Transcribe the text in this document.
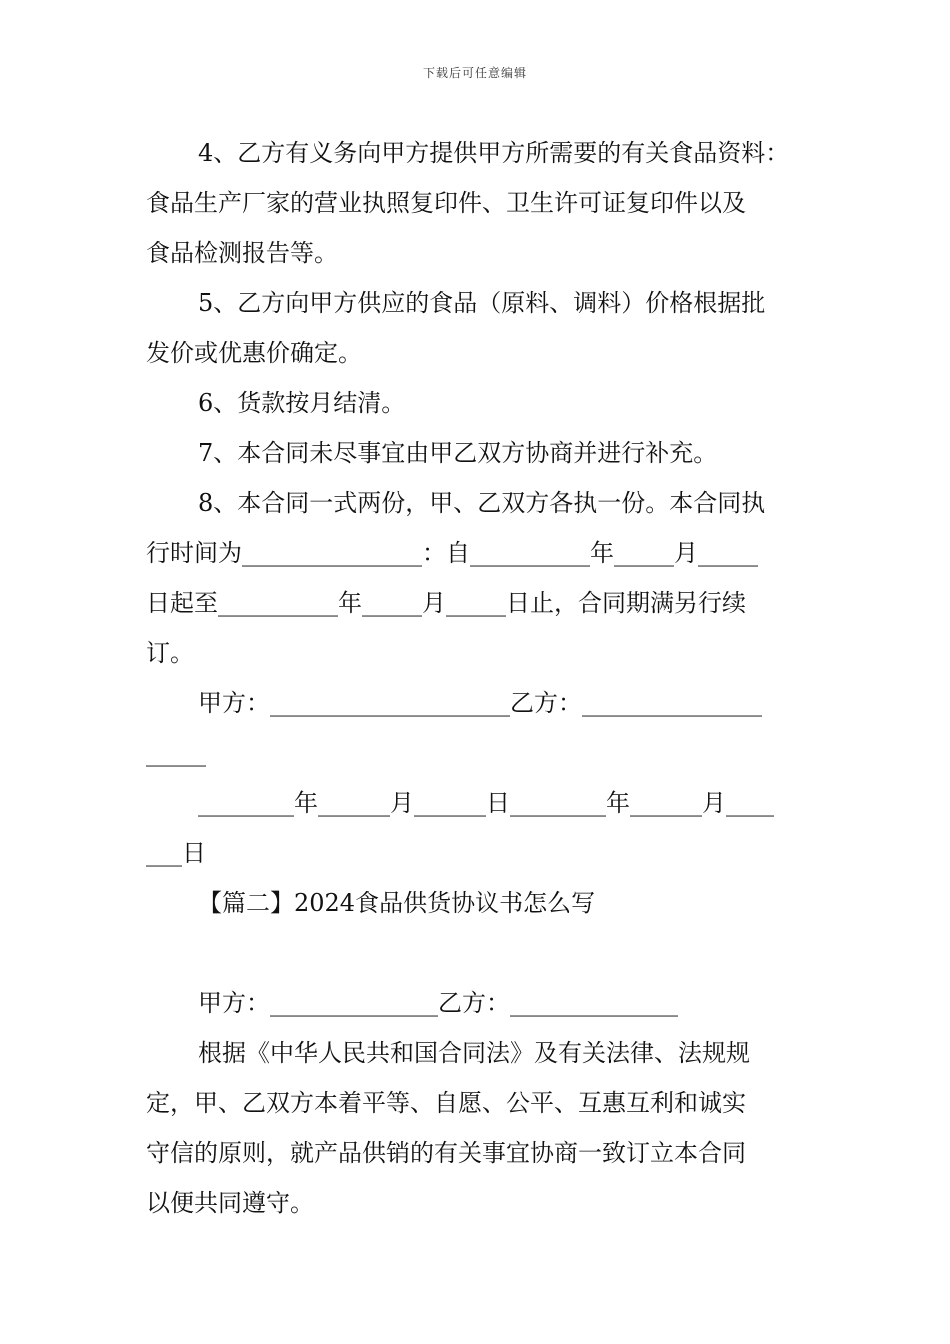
下载后可任意编辑
4、乙方有义务向甲方提供甲方所需要的有关食品资料：
食品生产厂家的营业执照复印件、卫生许可证复印件以及
食品检测报告等。
5、乙方向甲方供应的食品（原料、调料）价格根据批
发价或优惠价确定。
6、货款按月结清。
7、本合同未尽事宜由甲乙双方协商并进行补充。
8、本合同一式两份，甲、乙双方各执一份。本合同执
行时间为_______________：自__________年_____月_____
日起至__________年_____月_____日止，合同期满另行续
订。
甲方：____________________乙方：_______________
_____
________年______月______日________年______月____
___日
【篇二】2024食品供货协议书怎么写
甲方：______________乙方：______________
根据《中华人民共和国合同法》及有关法律、法规规
定，甲、乙双方本着平等、自愿、公平、互惠互利和诚实
守信的原则，就产品供销的有关事宜协商一致订立本合同
以便共同遵守。
